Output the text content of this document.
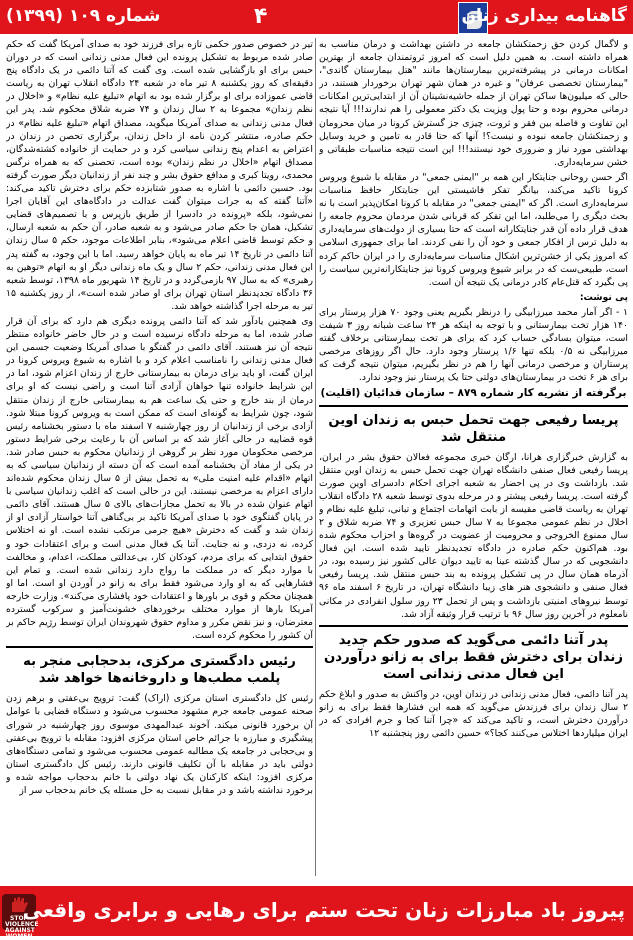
شماره ۱۰۹ (۱۳۹۹)	۴	گاهنامه بیداری زنان

و لاگمال کردن حق زحمتکشان جامعه در داشتن بهداشت و درمان مناسب به همراه داشته است. به همین دلیل است که امروز ثروتمندان جامعه از بهترین امکانات درمانی در پیشرفته‌ترین بیمارستان‌ها مانند "هتل بیمارستان گاندی"، "بیمارستان تخصصی عرفان" و غیره در همان شهر تهران برخوردار هستند، در حالی که میلیون‌ها ساکن تهران از جمله حاشیه‌نشینان آن از ابتدایی‌ترین امکانات درمانی محروم بوده و حتا پول ویزیت یک دکتر معمولی را هم ندارند!!! آیا نتیجه این تفاوت و فاصله بین فقر و ثروت، چیزی جز گسترش کرونا در میان محرومان و زحمتکشان جامعه نبوده و نیست؟! آنها که حتا قادر به تامین و خرید وسایل بهداشتی مورد نیاز و ضروری خود نیستند!!! این است نتیجه مناسبات طبقاتی و خشن سرمایه‌داری.

اگر حسن روحانی جنایتکار این همه بر "ایمنی جمعی" در مقابله با شیوع ویروس کرونا تاکید می‌کند، بیانگر تفکر فاشیستی این جنایتکار حافظ مناسبات سرمایه‌داری است. اگر که "ایمنی جمعی" در مقابله با کرونا امکان‌پذیر است با نه بحث دیگری را می‌طلبد، اما این تفکر که قربانی شدن مردمان محروم جامعه را هدف قرار داده آن قدر جنایتکارانه است که حتا بسیاری از دولت‌های سرمایه‌داری به دلیل ترس از افکار جمعی و خود آن را نفی کردند. اما برای جمهوری اسلامی که امروز یکی از خشن‌ترین اشکال مناسبات سرمایه‌داری را در ایران حاکم کرده است، طبیعی‌ست که در برابر شیوع ویروس کرونا نیز جنایتکارانه‌ترین سیاست را پی بگیرد که قتل‌عام کادر درمانی یک نتیجه آن است.

پی نوشت:

۱ - اگر آمار محمد میرزابیگی را درنظر بگیریم یعنی وجود ۷۰ هزار پرستار برای ۱۴۰ هزار تخت بیمارستانی و با توجه به اینکه هر ۲۴ ساعت شبانه روز ۳ شیفت است، میتوان بسادگی حساب کرد که برای هر تخت بیمارستانی برخلاف گفته میرزابیگی نه ۰/۵ بلکه تنها ۱/۶ پرستار وجود دارد. حال اگر روزهای مرخصی پرستاران و مرخصی درمانی آنها را هم در نظر بگیریم، میتوان نتیجه گرفت که برای هر ۶ تخت در بیمارستان‌های دولتی حتا یک پرستار نیز وجود ندارد.

برگرفته از نشریه کار شماره ۸۷۹ – سازمان فدائیان (اقلیت)

پریسا رفیعی جهت تحمل حبس به زندان اوین منتقل شد

به گزارش خبرگزاری هرانا، ارگان خبری مجموعه فعالان حقوق بشر در ایران، پریسا رفیعی فعال صنفی دانشگاه تهران جهت تحمل حبس به زندان اوین منتقل شد. بازداشت وی در پی احضار به شعبه اجرای احکام دادسرای اوین صورت گرفته است. پریسا رفیعی پیشتر و در مرحله بدوی توسط شعبه ۲۸ دادگاه انقلاب تهران به ریاست قاضی مقیسه از بابت اتهامات اجتماع و تبانی، تبلیغ علیه نظام و اخلال در نظم عمومی مجموعا به ۷ سال حبس تعزیری و ۷۴ ضربه شلاق و ۲ سال ممنوع الخروجی و محرومیت از عضویت در گروه‌ها و احزاب محکوم شده بود. هم‌اکنون حکم صادره در دادگاه تجدیدنظر تایید شده است. این فعال دانشجویی که در سال گذشته عینا به تایید دیوان عالی کشور نیز رسیده بود، در آذرماه همان سال در پی تشکیل پرونده به بند حبس منتقل شد. پریسا رفیعی فعال صنفی و دانشجوی هنر های زیبا دانشگاه تهران، در تاریخ ۶ اسفند ماه ۹۶ توسط نیروهای امنیتی بازداشت و پس از تحمل ۲۳ روز سلول انفرادی در مکانی نامعلوم در آخرین روز سال ۹۶ با ترتیب قرار وثیقه آزاد شد.

پدر آتنا دائمی می‌گوید که صدور حکم جدید زندان برای دخترش فقط برای به زانو درآوردن این فعال مدنی زندانی است

پدر آتنا دائمی، فعال مدنی زندانی در زندان اوین، در واکنش به صدور و ابلاغ حکم ۲ سال زندان برای فرزندش می‌گوید که همه این فشارها فقط برای به زانو درآوردن دخترش است، و تاکید می‌کند که «چرا آتنا کجا و جرم افرادی که در ایران میلیاردها اختلاس می‌کنند کجا؟» حسین دائمی روز پنجشنبه ۱۲

تیر در خصوص صدور حکمی تازه برای فرزند خود به صدای آمریکا گفت که حکم صادر شده مربوط به تشکیل پرونده این فعال مدنی زندانی است که در دوران حبس برای او بازگشایی شده است. وی گفت که آتنا دائمی در یک دادگاه پنج دقیقه‌ای که روز یکشنبه ۸ تیر ماه در شعبه ۲۴ دادگاه انقلاب تهران به ریاست قاضی عموزاده برای او برگزار شده بود به اتهام «تبلیغ علیه نظام» و «اخلال در نظم زندان» مجموعا به ۲ سال زندان و ۷۴ ضربه شلاق محکوم شد. پدر این فعال مدنی زندانی به صدای آمریکا میگوید، مصداق اتهام «تبلیغ علیه نظام» در حکم صادره، منتشر کردن نامه از داخل زندان، برگزاری تحصن در زندان در اعتراض به اعدام پنج زندانی سیاسی کرد و در حمایت از خانواده کشته‌شدگان، مصداق اتهام «اخلال در نظم زندان» بوده است، تحصنی که به همراه نرگس محمدی، رویتا کبری و مدافع حقوق بشر و چند نفر از زندانیان دیگر صورت گرفته بود. حسین دائمی با اشاره به صدور شتابزده حکم برای دخترش تاکید می‌کند: «آتنا گفته که به جرات میتوان گفت عدالت در دادگاه‌های این آقایان اجرا نمی‌شود، بلکه «پرونده در دادسرا از طریق بازپرس و با تصمیم‌های قضایی تشکیل، همان جا حکم صادر می‌شود و به شعبه صادر، آن حکم به شعبه ارسال، و حکم توسط قاضی اعلام می‌شود»، بنابر اطلاعات موجود، حکم ۵ سال زندان آتنا دائمی در تاریخ ۱۴ تیر ماه به پایان خواهد رسید. اما با این وجود، به گفته پدر این فعال مدنی زندانی، حکم ۲ سال و یک ماه زندانی دیگر او به اتهام «توهین به رهبری» که به سال ۹۷ بازمی‌گردد و در تاریخ ۱۴ شهریور ماه ۱۳۹۸، توسط شعبه ۳۶ دادگاه تجدیدنظر استان تهران برای او صادر شده است»، از روز یکشنبه ۱۵ تیر به مرحله اجرا گذاشته خواهد شد.

وی همچنین یادآور شد که آتنا دائمی پرونده دیگری هم دارد که برای آن قرار صادر شده، اما به مرحله دادگاه نرسیده است و در حال حاضر خانواده منتظر نتیجه آن نیز هستند. آقای دائمی در گفتگو با صدای آمریکا وضعیت جسمی این فعال مدنی زندانی را نامناسب اعلام کرد و با اشاره به شیوع ویروس کرونا در ایران گفت، او باید برای درمان به بیمارستانی خارج از زندان اعزام شود، اما در این شرایط خانواده تنها خواهان آزادی آتنا است و راضی نیست که او برای درمان از بند خارج و حتی یک ساعت هم به بیمارستانی خارج از زندان منتقل شود، چون شرایط به گونه‌ای است که ممکن است به ویروس کرونا مبتلا شود. آزادی برخی از زندانیان از روز چهارشنبه ۷ اسفند ماه با دستور بخشنامه رئیس قوه قضاییه در حالی آغاز شد که بر اساس آن با رعایت برخی شرایط دستور مرخصی محکومان مورد نظر بر گروهی از زندانیان محکوم به حبس صادر شد. در یکی از مفاد آن بخشنامه آمده است که آن دسته از زندانیان سیاسی که به اتهام «اقدام علیه امنیت ملی» به تحمل بیش از ۵ سال زندان محکوم شده‌اند دارای اعزام به مرخصی نیستند. این در حالی است که اغلب زندانیان سیاسی با اتهام عنوان شده در بالا به تحمل مجازات‌های بالای ۵ سال هستند. آقای دائمی در پایان گفتگوی خود با صدای آمریکا تاکید بر بی‌گناهی آتنا خواستار آزادی او از زندان شد و گفت که دخترش «هیچ جرمی مرتکب نشده است. او نه اختلاس کرده، نه دزدی، و نه جنایت. آتنا یک فعال مدنی است و برای اعتقادات خود و حقوق ابتدایی که برای مردم، کودکان کار، بی‌عدالتی مملکت، اعدام، و مخالفت با موارد دیگر که در مملکت ما رواج دارد زندانی شده است. و تمام این فشارهایی که به او وارد می‌شود فقط برای به زانو در آوردن او است. اما او همچنان محکم و قوی بر باورها و اعتقادات خود پافشاری می‌کند». وزارت خارجه آمریکا بارها از موارد مختلف برخوردهای خشونت‌آمیز و سرکوب گسترده معترضان، و نیز نقض مکرر و مداوم حقوق شهروندان ایران توسط رژیم حاکم بر آن کشور را محکوم کرده است.

رئیس دادگستری مرکزی، بدحجابی منجر به پلمب مطب‌ها و داروخانه‌ها خواهد شد

رئیس کل دادگستری استان مرکزی (اراک) گفت: ترویج بی‌عفتی و برهم زدن صحنه عمومی جامعه جرم مشهود محسوب می‌شود و دستگاه قضایی با عوامل آن برخورد قانونی میکند. آخوند عبدالمهدی موسوی روز چهارشنبه در شورای پیشگیری و مبارزه با جرائم خاص استان مرکزی افزود: مقابله با ترویج بی‌عفتی و بی‌حجابی در جامعه یک مطالبه عمومی محسوب می‌شود و تمامی دستگاه‌های دولتی باید در مقابله با آن تکلیف قانونی دارند. رئیس کل دادگستری استان مرکزی افزود: اینکه کارکنان یک نهاد دولتی با خانم بدحجاب مواجه شده و برخورد نداشته باشد و در مقابل نسبت به حل مسئله یک خانم بدحجاب سر از

STOP VIOLENCE AGAINST WOMEN
پیروز باد مبارزات زنان تحت ستم برای رهایی و برابری واقعی
